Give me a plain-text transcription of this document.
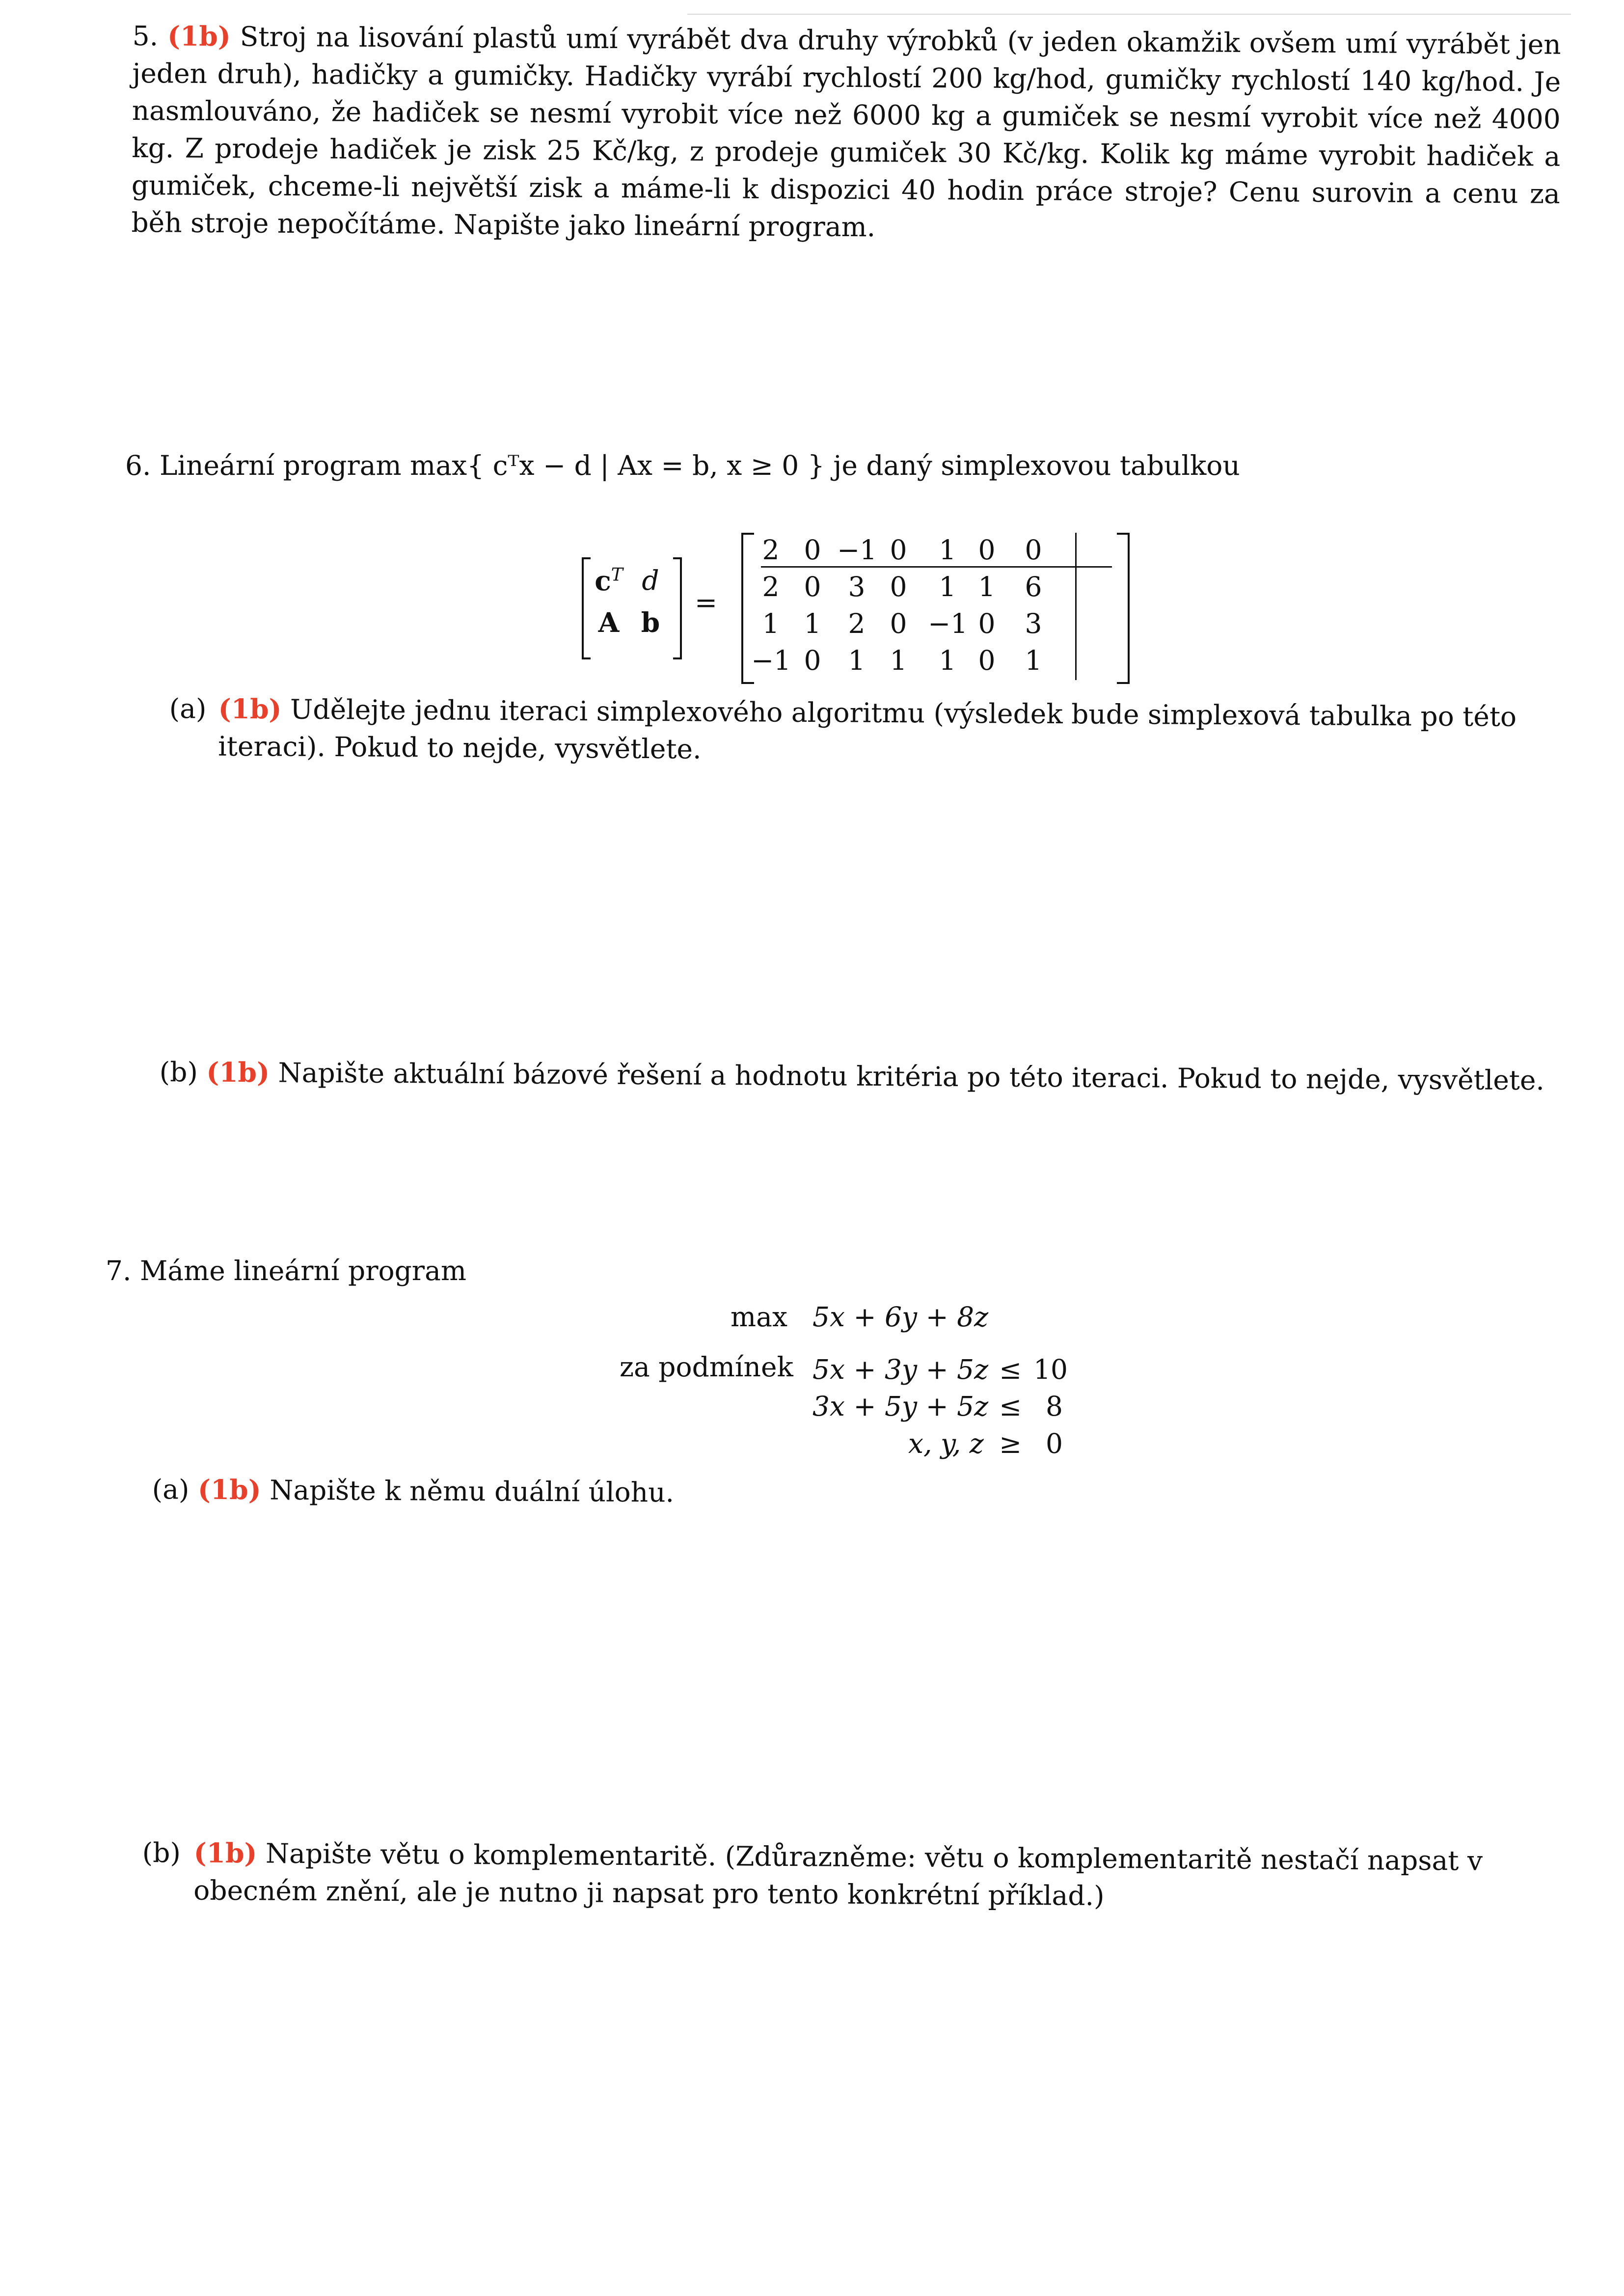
5. (1b) Stroj na lisování plastů umí vyrábět dva druhy výrobků (v jeden okamžik ovšem umí vyrábět jen jeden druh), hadičky a gumičky. Hadičky vyrábí rychlostí 200 kg/hod, gumičky rychlostí 140 kg/hod. Je nasmlouváno, že hadiček se nesmí vyrobit více než 6000 kg a gumiček se nesmí vyrobit více než 4000 kg. Z prodeje hadiček je zisk 25 Kč/kg, z prodeje gumiček 30 Kč/kg. Kolik kg máme vyrobit hadiček a gumiček, chceme-li největší zisk a máme-li k dispozici 40 hodin práce stroje? Cenu surovin a cenu za běh stroje nepočítáme. Napište jako lineární program.
6. Lineární program max{ cᵀx − d | Ax = b, x ≥ 0 } je daný simplexovou tabulkou
$c^T$ d
A b
=
2 0 −1 0	1 0	0
2 0	3 0	1 1	6
1 1	2 0 −1 0	3
−1 0	1 1	1 0	1
(a) (1b) Udělejte jednu iteraci simplexového algoritmu (výsledek bude simplexová tabulka po této iteraci). Pokud to nejde, vysvětlete.
(b) (1b) Napište aktuální bázové řešení a hodnotu kritéria po této iteraci. Pokud to nejde, vysvětlete.
7. Máme lineární program
max 5x + 6y + 8z
za podmínek 5x + 3y + 5z ≤ 10
3x + 5y + 5z ≤ 8
x, y, z ≥ 0
(a) (1b) Napište k němu duální úlohu.
(b) (1b) Napište větu o komplementaritě. (Zdůrazněme: větu o komplementaritě nestačí napsat v obecném znění, ale je nutno ji napsat pro tento konkrétní příklad.)
